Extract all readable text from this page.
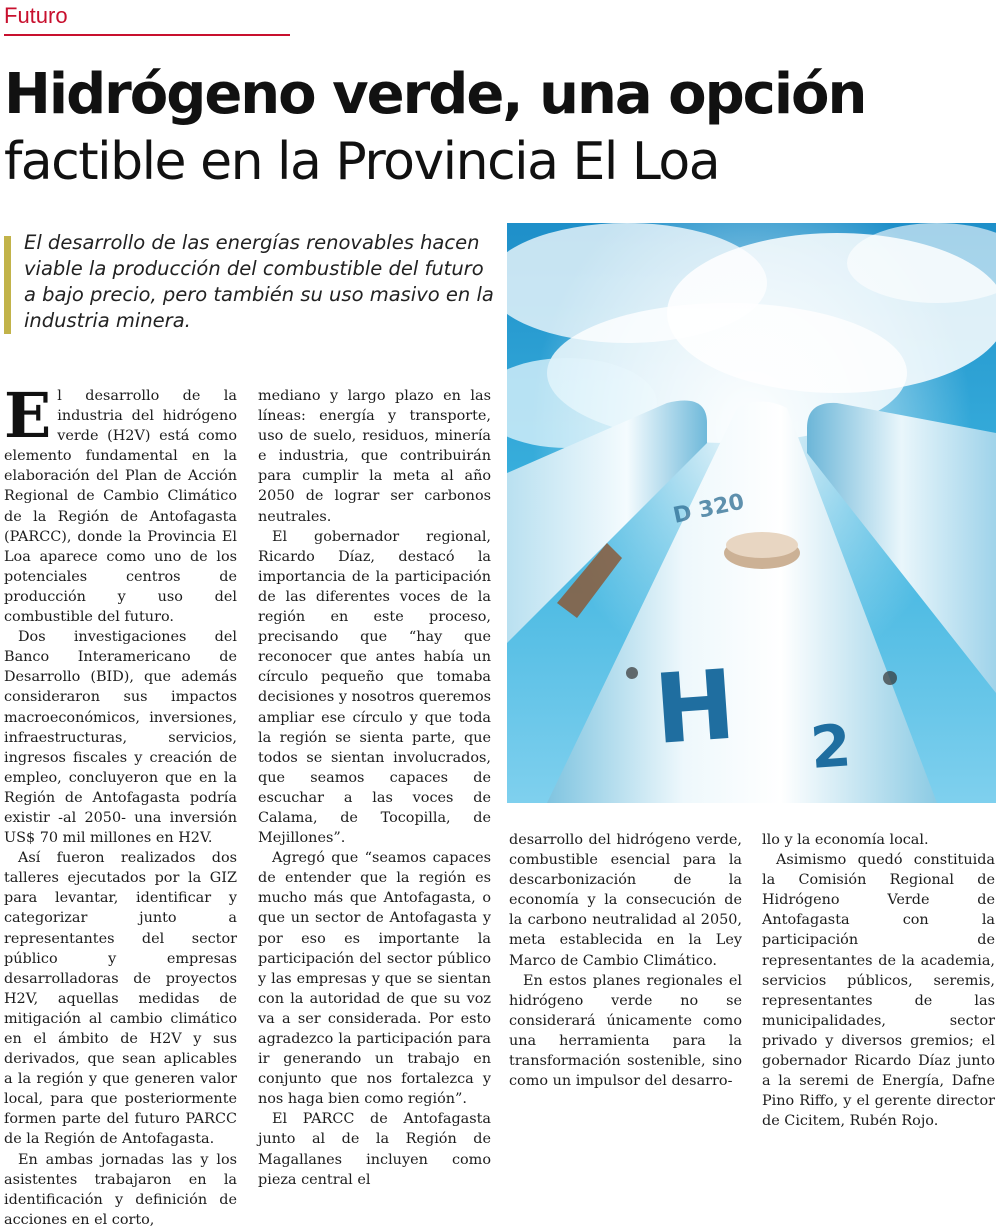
Futuro
Hidrógeno verde, una opción
factible en la Provincia El Loa
El desarrollo de las energías renovables hacen viable la producción del combustible del futuro a bajo precio, pero también su uso masivo en la industria minera.
D 320
H 2

El desarrollo de la industria del hidrógeno verde (H2V) está como elemento fundamental en la elaboración del Plan de Acción Regional de Cambio Climático de la Región de Antofagasta (PARCC), donde la Provincia El Loa aparece como uno de los potenciales centros de producción y uso del combustible del futuro.

Dos investigaciones del Banco Interamericano de Desarrollo (BID), que además consideraron sus impactos macroeconómicos, inversiones, infraestructuras, servicios, ingresos fiscales y creación de empleo, concluyeron que en la Región de Antofagasta podría existir -al 2050- una inversión US$ 70 mil millones en H2V.

Así fueron realizados dos talleres ejecutados por la GIZ para levantar, identificar y categorizar junto a representantes del sector público y empresas desarrolladoras de proyectos H2V, aquellas medidas de mitigación al cambio climático en el ámbito de H2V y sus derivados, que sean aplicables a la región y que generen valor local, para que posteriormente formen parte del futuro PARCC de la Región de Antofagasta.

En ambas jornadas las y los asistentes trabajaron en la identificación y definición de acciones en el corto,

mediano y largo plazo en las líneas: energía y transporte, uso de suelo, residuos, minería e industria, que contribuirán para cumplir la meta al año 2050 de lograr ser carbonos neutrales.

El gobernador regional, Ricardo Díaz, destacó la importancia de la participación de las diferentes voces de la región en este proceso, precisando que “hay que reconocer que antes había un círculo pequeño que tomaba decisiones y nosotros queremos ampliar ese círculo y que toda la región se sienta parte, que todos se sientan involucrados, que seamos capaces de escuchar a las voces de Calama, de Tocopilla, de Mejillones”.

Agregó que “seamos capaces de entender que la región es mucho más que Antofagasta, o que un sector de Antofagasta y por eso es importante la participación del sector público y las empresas y que se sientan con la autoridad de que su voz va a ser considerada. Por esto agradezco la participación para ir generando un trabajo en conjunto que nos fortalezca y nos haga bien como región”.

El PARCC de Antofagasta junto al de la Región de Magallanes incluyen como pieza central el

desarrollo del hidrógeno verde, combustible esencial para la descarbonización de la economía y la consecución de la carbono neutralidad al 2050, meta establecida en la Ley Marco de Cambio Climático.

En estos planes regionales el hidrógeno verde no se considerará únicamente como una herramienta para la transformación sostenible, sino como un impulsor del desarro-

llo y la economía local.

Asimismo quedó constituida la Comisión Regional de Hidrógeno Verde de Antofagasta con la participación de representantes de la academia, servicios públicos, seremis, representantes de las municipalidades, sector privado y diversos gremios; el gobernador Ricardo Díaz junto a la seremi de Energía, Dafne Pino Riffo, y el gerente director de Cicitem, Rubén Rojo.
